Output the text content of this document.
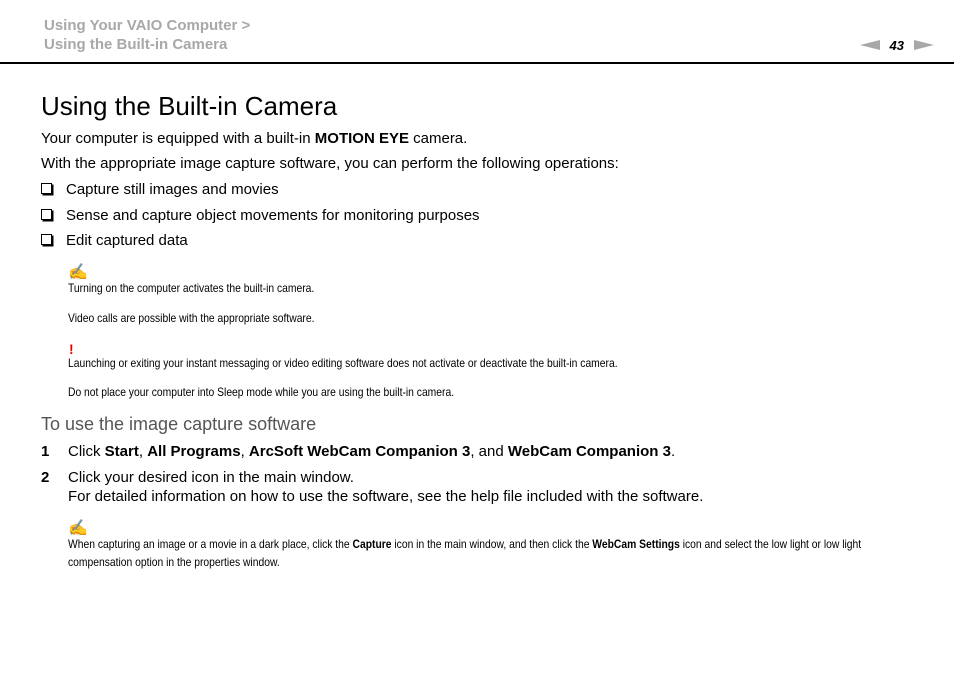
Using Your VAIO Computer >
Using the Built-in Camera	43
Using the Built-in Camera
Your computer is equipped with a built-in MOTION EYE camera.
With the appropriate image capture software, you can perform the following operations:
Capture still images and movies
Sense and capture object movements for monitoring purposes
Edit captured data
✍
Turning on the computer activates the built-in camera.
Video calls are possible with the appropriate software.
!
Launching or exiting your instant messaging or video editing software does not activate or deactivate the built-in camera.
Do not place your computer into Sleep mode while you are using the built-in camera.
To use the image capture software
1 Click Start, All Programs, ArcSoft WebCam Companion 3, and WebCam Companion 3.
2 Click your desired icon in the main window.
For detailed information on how to use the software, see the help file included with the software.
✍
When capturing an image or a movie in a dark place, click the Capture icon in the main window, and then click the WebCam Settings icon and select the low light or low light compensation option in the properties window.
